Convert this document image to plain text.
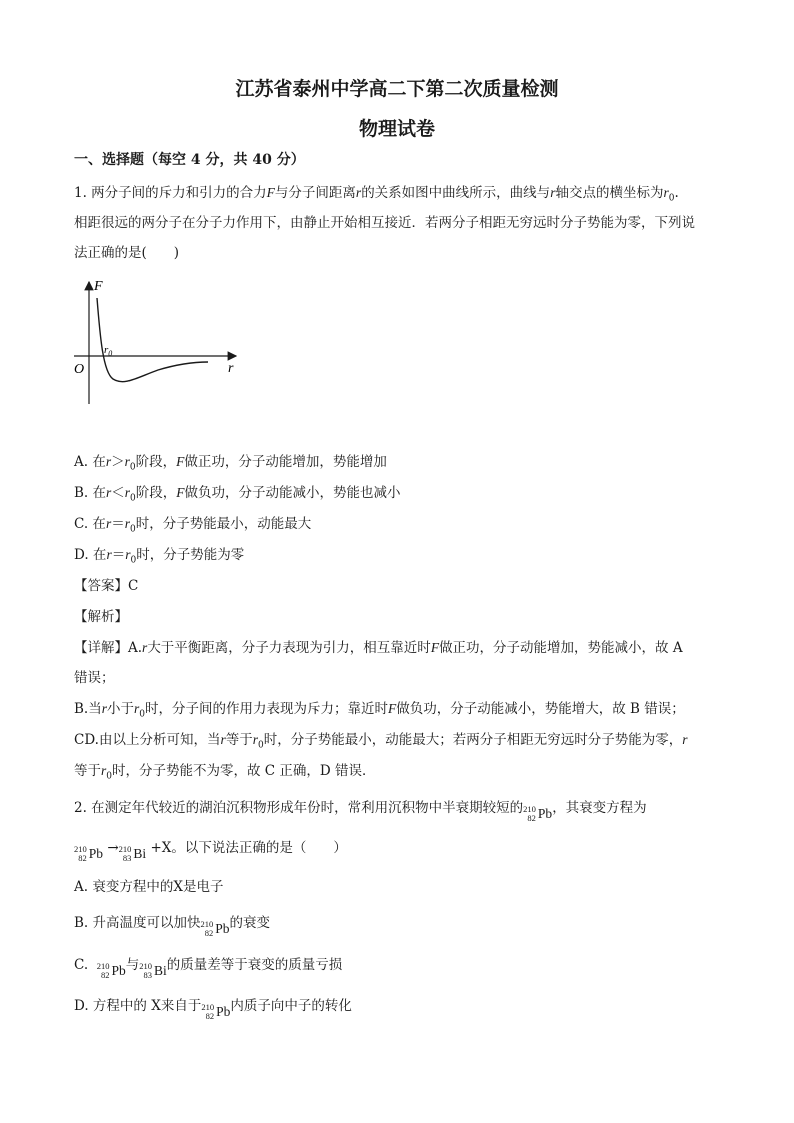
江苏省泰州中学高二下第二次质量检测
物理试卷
一、选择题（每空 4 分，共 40 分）
1. 两分子间的斥力和引力的合力F与分子间距离r的关系如图中曲线所示，曲线与r轴交点的横坐标为$r_0$.
相距很远的两分子在分子力作用下，由静止开始相互接近．若两分子相距无穷远时分子势能为零，下列说
法正确的是(　　)
F
r
O
$r_0$
A. 在$r>r_0$阶段，F做正功，分子动能增加，势能增加
B. 在$r<r_0$阶段，F做负功，分子动能减小，势能也减小
C. 在$r=r_0$时，分子势能最小，动能最大
D. 在$r=r_0$时，分子势能为零
【答案】C
【解析】
【详解】A.r大于平衡距离，分子力表现为引力，相互靠近时F做正功，分子动能增加，势能减小，故 A
错误；
B.当r小于$r_0$时，分子间的作用力表现为斥力；靠近时F做负功，分子动能减小，势能增大，故 B 错误；
CD.由以上分析可知，当r等于$r_0$时，分子势能最小，动能最大；若两分子相距无穷远时分子势能为零，r
等于$r_0$时，分子势能不为零，故 C 正确，D 错误．
2. 在测定年代较近的湖泊沉积物形成年份时，常利用沉积物中半衰期较短的 210
82 Pb ，其衰变方程为
210
82 Pb → 210
83 Bi +X。以下说法正确的是（　　）
A. 衰变方程中的X是电子
B. 升高温度可以加快 210
82 Pb 的衰变
C. 210
82 Pb 与 210
83 Bi 的质量差等于衰变的质量亏损
D. 方程中的 X来自于 210
82 Pb 内质子向中子的转化
